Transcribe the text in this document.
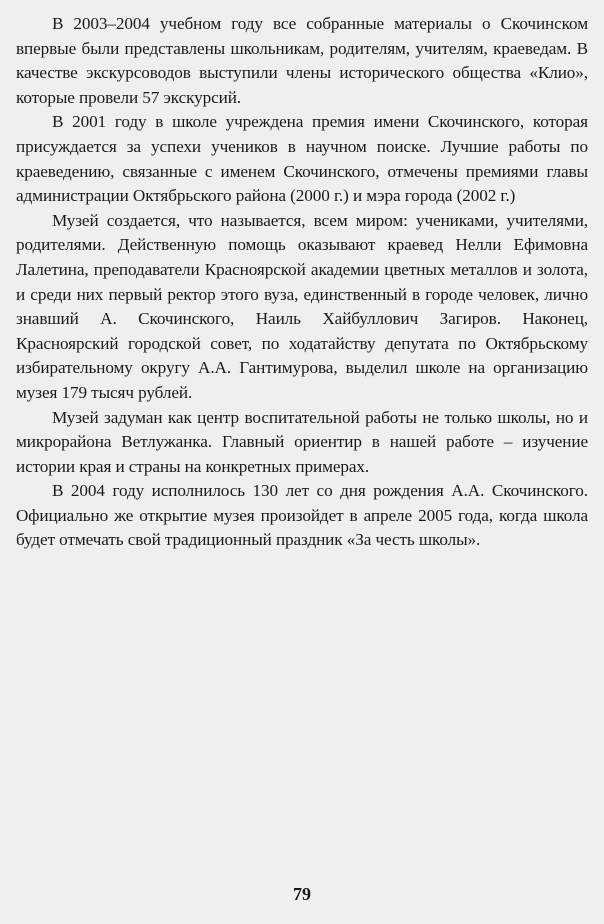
В 2003–2004 учебном году все собранные материалы о Скочинском впервые были представлены школьникам, родителям, учителям, краеведам. В качестве экскурсоводов выступили члены исторического общества «Клио», которые провели 57 экскурсий.

В 2001 году в школе учреждена премия имени Скочинского, которая присуждается за успехи учеников в научном поиске. Лучшие работы по краеведению, связанные с именем Скочинского, отмечены премиями главы администрации Октябрьского района (2000 г.) и мэра города (2002 г.)

Музей создается, что называется, всем миром: учениками, учителями, родителями. Действенную помощь оказывают краевед Нелли Ефимовна Лалетина, преподаватели Красноярской академии цветных металлов и золота, и среди них первый ректор этого вуза, единственный в городе человек, лично знавший А. Скочинского, Наиль Хайбуллович Загиров. Наконец, Красноярский городской совет, по ходатайству депутата по Октябрьскому избирательному округу А.А. Гантимурова, выделил школе на организацию музея 179 тысяч рублей.

Музей задуман как центр воспитательной работы не только школы, но и микрорайона Ветлужанка. Главный ориентир в нашей работе – изучение истории края и страны на конкретных примерах.

В 2004 году исполнилось 130 лет со дня рождения А.А. Скочинского. Официально же открытие музея произойдет в апреле 2005 года, когда школа будет отмечать свой традиционный праздник «За честь школы».

79
